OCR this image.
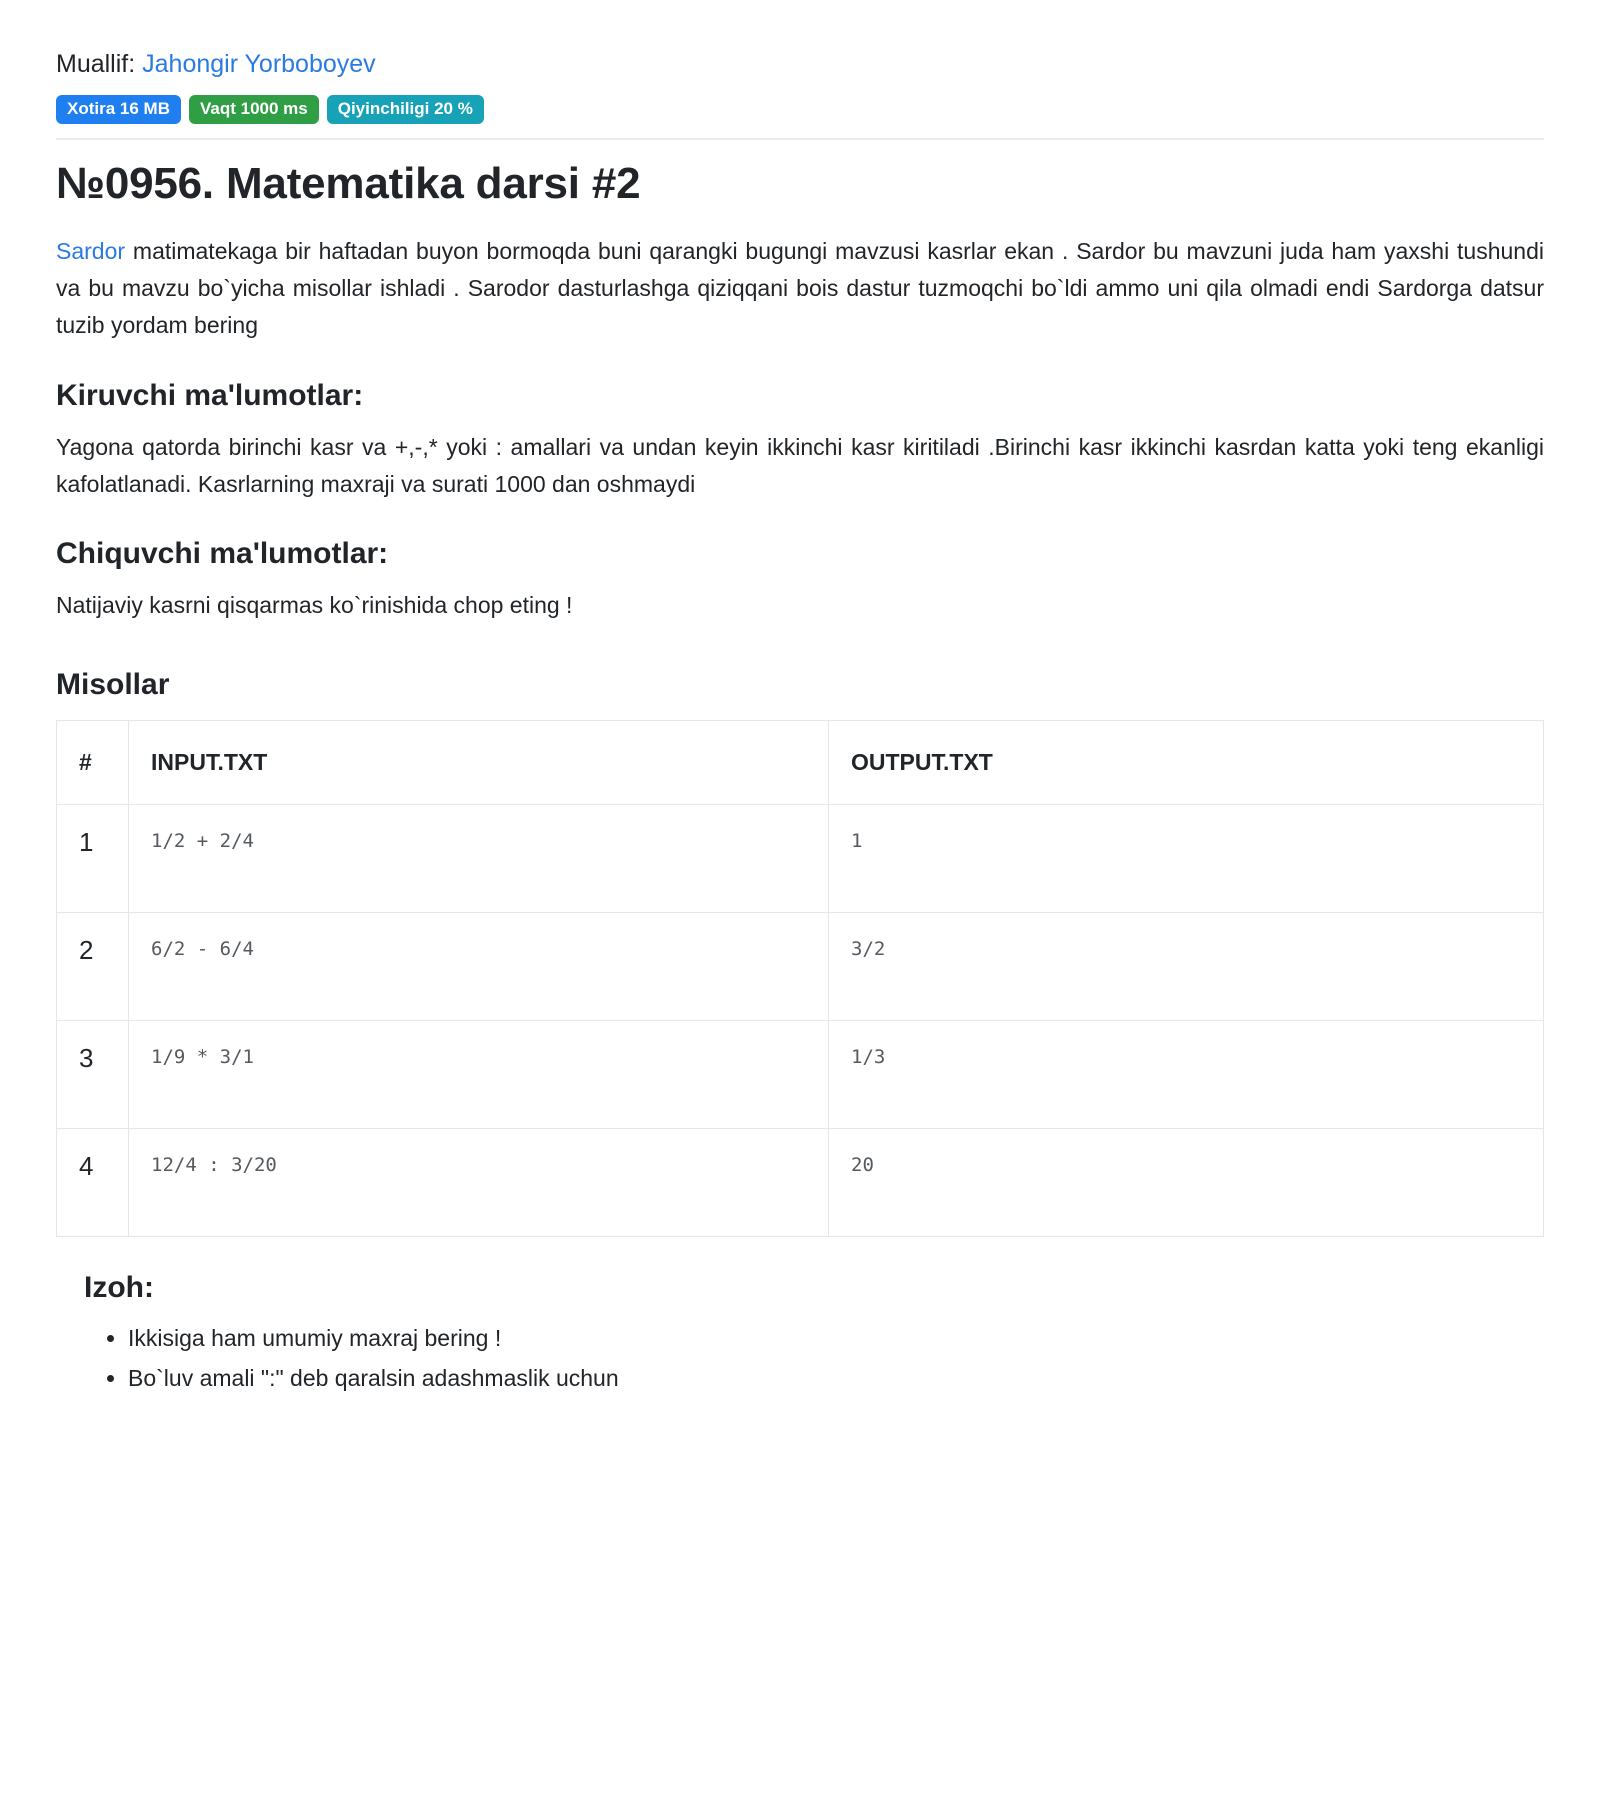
Muallif: Jahongir Yorboboyev
Xotira 16 MB	Vaqt 1000 ms	Qiyinchiligi 20 %
№0956. Matematika darsi #2

Sardor matimatekaga bir haftadan buyon bormoqda buni qarangki bugungi mavzusi kasrlar ekan . Sardor bu mavzuni juda ham yaxshi tushundi va bu mavzu bo`yicha misollar ishladi . Sarodor dasturlashga qiziqqani bois dastur tuzmoqchi bo`ldi ammo uni qila olmadi endi Sardorga datsur tuzib yordam bering

Kiruvchi ma'lumotlar:

Yagona qatorda birinchi kasr va +,-,* yoki : amallari va undan keyin ikkinchi kasr kiritiladi .Birinchi kasr ikkinchi kasrdan katta yoki teng ekanligi kafolatlanadi. Kasrlarning maxraji va surati 1000 dan oshmaydi

Chiquvchi ma'lumotlar:

Natijaviy kasrni qisqarmas ko`rinishida chop eting !

Misollar
#	INPUT.TXT	OUTPUT.TXT
1	1/2 + 2/4	1
2	6/2 - 6/4	3/2
3	1/9 * 3/1	1/3
4	12/4 : 3/20	20
Izoh:
• Ikkisiga ham umumiy maxraj bering !
• Bo`luv amali ":" deb qaralsin adashmaslik uchun
